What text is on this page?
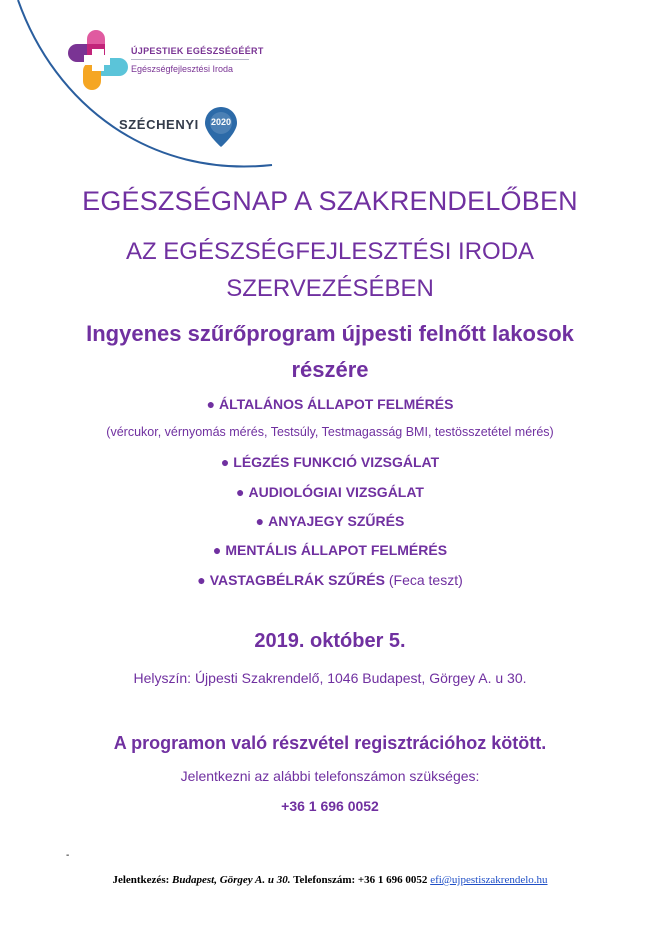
ÚJPESTIEK EGÉSZSÉGÉÉRT
Egészségfejlesztési Iroda
SZÉCHENYI	2020
EGÉSZSÉGNAP A SZAKRENDELŐBEN
AZ EGÉSZSÉGFEJLESZTÉSI IRODA
SZERVEZÉSÉBEN
Ingyenes szűrőprogram újpesti felnőtt lakosok
részére
● ÁLTALÁNOS ÁLLAPOT FELMÉRÉS
(vércukor, vérnyomás mérés, Testsúly, Testmagasság BMI, testösszetétel mérés)
● LÉGZÉS FUNKCIÓ VIZSGÁLAT
● AUDIOLÓGIAI VIZSGÁLAT
● ANYAJEGY SZŰRÉS
● MENTÁLIS ÁLLAPOT FELMÉRÉS
● VASTAGBÉLRÁK SZŰRÉS (Feca teszt)
2019. október 5.
Helyszín: Újpesti Szakrendelő, 1046 Budapest, Görgey A. u 30.
A programon való részvétel regisztrációhoz kötött.
Jelentkezni az alábbi telefonszámon szükséges:
+36 1 696 0052
-
Jelentkezés: Budapest, Görgey A. u 30. Telefonszám: +36 1 696 0052 efi@ujpestiszakrendelo.hu
